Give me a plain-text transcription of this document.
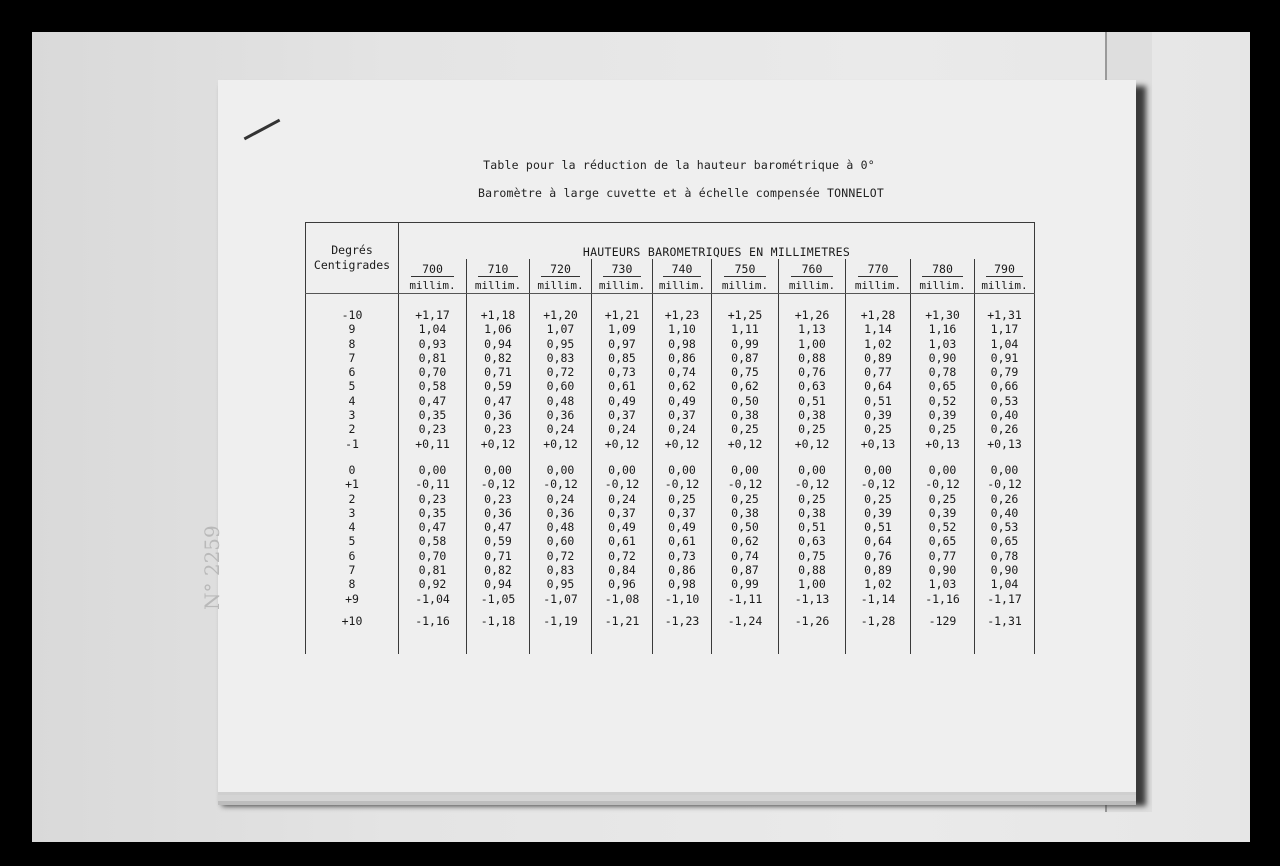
N° 2259
Table pour la réduction de la hauteur barométrique à 0°
Baromètre à large cuvette et à échelle compensée TONNELOT
Degrés
Centigrades	HAUTEURS BAROMETRIQUES EN MILLIMETRES									
	700	710	720	730	740	750	760	770	780	790
	millim.	millim.	millim.	millim.	millim.	millim.	millim.	millim.	millim.	millim.

-10	+1,17	+1,18	+1,20	+1,21	+1,23	+1,25	+1,26	+1,28	+1,30	+1,31
9	1,04	1,06	1,07	1,09	1,10	1,11	1,13	1,14	1,16	1,17
8	0,93	0,94	0,95	0,97	0,98	0,99	1,00	1,02	1,03	1,04
7	0,81	0,82	0,83	0,85	0,86	0,87	0,88	0,89	0,90	0,91
6	0,70	0,71	0,72	0,73	0,74	0,75	0,76	0,77	0,78	0,79
5	0,58	0,59	0,60	0,61	0,62	0,62	0,63	0,64	0,65	0,66
4	0,47	0,47	0,48	0,49	0,49	0,50	0,51	0,51	0,52	0,53
3	0,35	0,36	0,36	0,37	0,37	0,38	0,38	0,39	0,39	0,40
2	0,23	0,23	0,24	0,24	0,24	0,25	0,25	0,25	0,25	0,26
-1	+0,11	+0,12	+0,12	+0,12	+0,12	+0,12	+0,12	+0,13	+0,13	+0,13

0	0,00	0,00	0,00	0,00	0,00	0,00	0,00	0,00	0,00	0,00
+1	-0,11	-0,12	-0,12	-0,12	-0,12	-0,12	-0,12	-0,12	-0,12	-0,12
2	0,23	0,23	0,24	0,24	0,25	0,25	0,25	0,25	0,25	0,26
3	0,35	0,36	0,36	0,37	0,37	0,38	0,38	0,39	0,39	0,40
4	0,47	0,47	0,48	0,49	0,49	0,50	0,51	0,51	0,52	0,53
5	0,58	0,59	0,60	0,61	0,61	0,62	0,63	0,64	0,65	0,65
6	0,70	0,71	0,72	0,72	0,73	0,74	0,75	0,76	0,77	0,78
7	0,81	0,82	0,83	0,84	0,86	0,87	0,88	0,89	0,90	0,90
8	0,92	0,94	0,95	0,96	0,98	0,99	1,00	1,02	1,03	1,04
+9	-1,04	-1,05	-1,07	-1,08	-1,10	-1,11	-1,13	-1,14	-1,16	-1,17

+10	-1,16	-1,18	-1,19	-1,21	-1,23	-1,24	-1,26	-1,28	-129	-1,31
